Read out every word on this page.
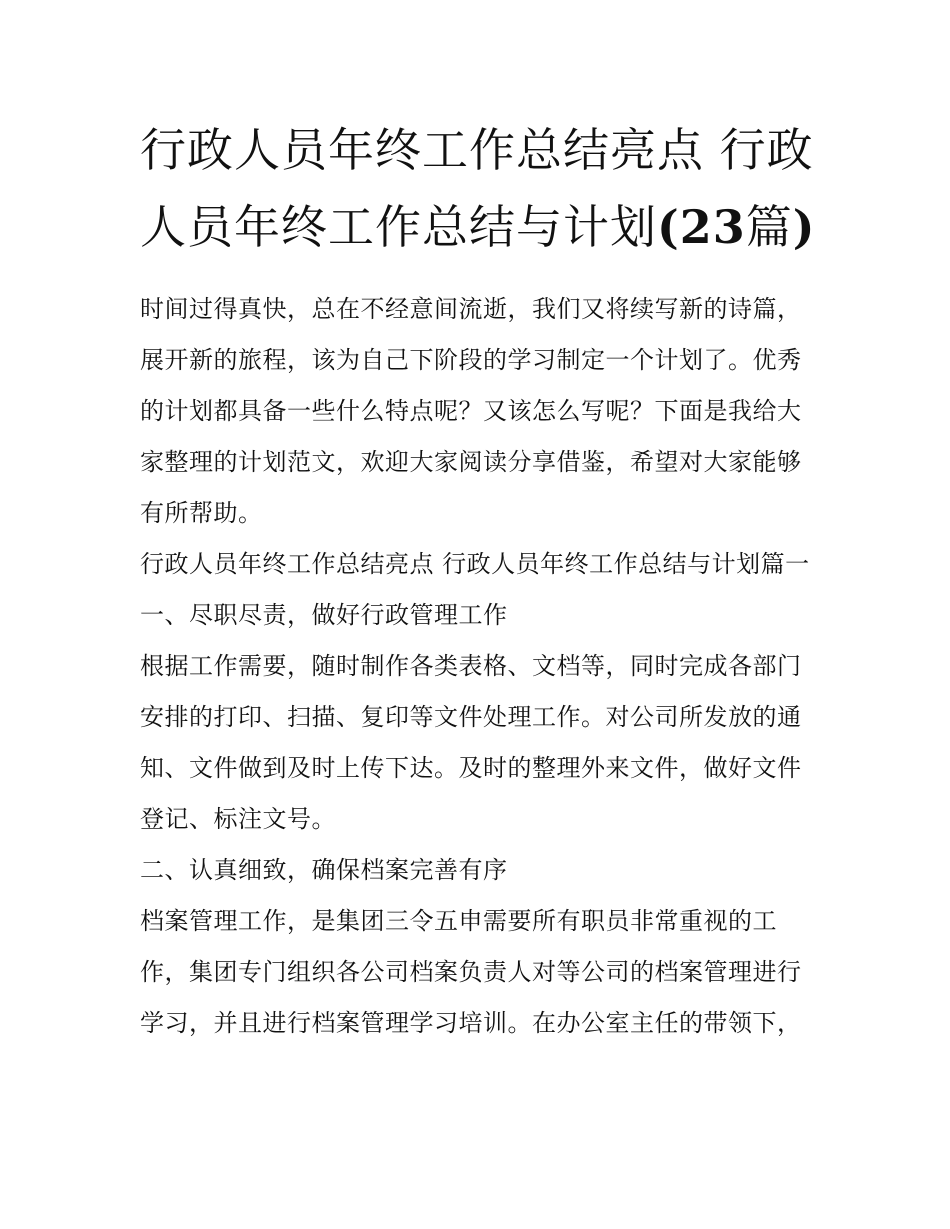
行政人员年终工作总结亮点 行政人员年终工作总结与计划(23篇)

时间过得真快，总在不经意间流逝，我们又将续写新的诗篇，展开新的旅程，该为自己下阶段的学习制定一个计划了。优秀的计划都具备一些什么特点呢？又该怎么写呢？下面是我给大家整理的计划范文，欢迎大家阅读分享借鉴，希望对大家能够有所帮助。

行政人员年终工作总结亮点 行政人员年终工作总结与计划篇一 一、尽职尽责，做好行政管理工作

根据工作需要，随时制作各类表格、文档等，同时完成各部门安排的打印、扫描、复印等文件处理工作。对公司所发放的通知、文件做到及时上传下达。及时的整理外来文件，做好文件登记、标注文号。

二、认真细致，确保档案完善有序

档案管理工作，是集团三令五申需要所有职员非常重视的工作，集团专门组织各公司档案负责人对等公司的档案管理进行学习，并且进行档案管理学习培训。在办公室主任的带领下，
